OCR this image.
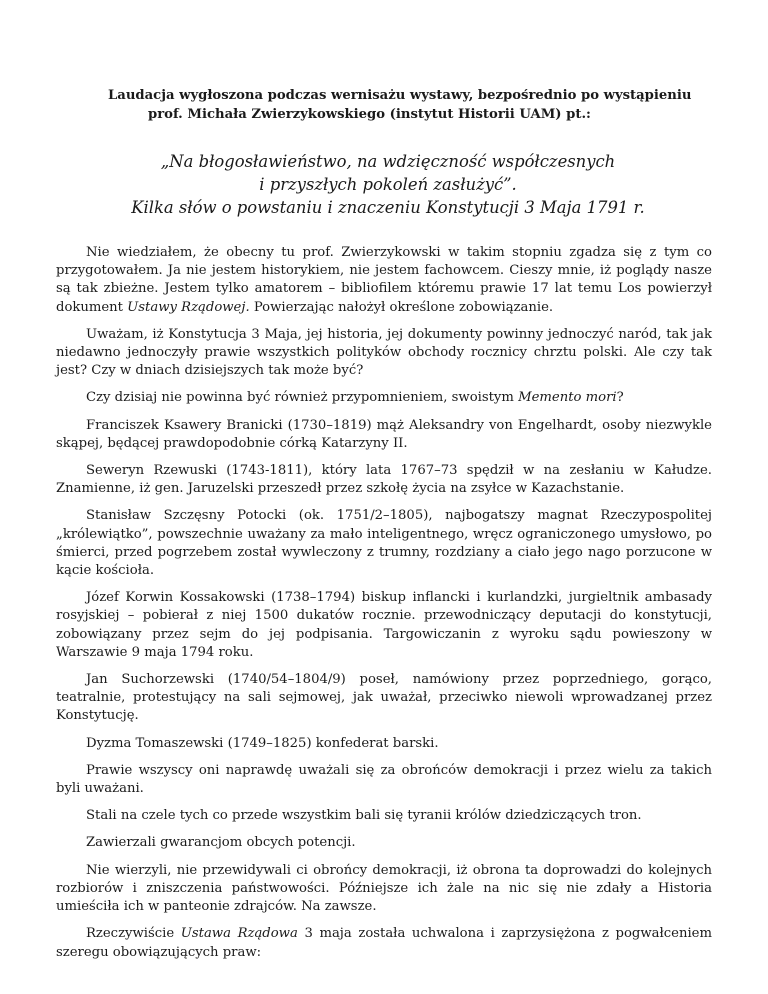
Laudacja wygłoszona podczas wernisażu wystawy, bezpośrednio po wystąpieniu
prof. Michała Zwierzykowskiego (instytut Historii UAM) pt.:
„Na błogosławieństwo, na wdzięczność współczesnych
i przyszłych pokoleń zasłużyć”.
Kilka słów o powstaniu i znaczeniu Konstytucji 3 Maja 1791 r.

Nie wiedziałem, że obecny tu prof. Zwierzykowski w takim stopniu zgadza się z tym co przygotowałem. Ja nie jestem historykiem, nie jestem fachowcem. Cieszy mnie, iż poglądy nasze są tak zbieżne. Jestem tylko amatorem – bibliofilem któremu prawie 17 lat temu Los powierzył dokument Ustawy Rządowej. Powierzając nałożył określone zobowiązanie.

Uważam, iż Konstytucja 3 Maja, jej historia, jej dokumenty powinny jednoczyć naród, tak jak niedawno jednoczyły prawie wszystkich polityków obchody rocznicy chrztu polski. Ale czy tak jest? Czy w dniach dzisiejszych tak może być?

Czy dzisiaj nie powinna być również przypomnieniem, swoistym Memento mori?

Franciszek Ksawery Branicki (1730–1819) mąż Aleksandry von Engelhardt, osoby niezwykle skąpej, będącej prawdopodobnie córką Katarzyny II.

Seweryn Rzewuski (1743-1811), który lata 1767–73 spędził w na zesłaniu w Kałudze. Znamienne, iż gen. Jaruzelski przeszedł przez szkołę życia na zsyłce w Kazachstanie.

Stanisław Szczęsny Potocki (ok. 1751/2–1805), najbogatszy magnat Rzeczypospolitej „królewiątko”, powszechnie uważany za mało inteligentnego, wręcz ograniczonego umysłowo, po śmierci, przed pogrzebem został wywleczony z trumny, rozdziany a ciało jego nago porzucone w kącie kościoła.

Józef Korwin Kossakowski (1738–1794) biskup inflancki i kurlandzki, jurgieltnik ambasady rosyjskiej – pobierał z niej 1500 dukatów rocznie. przewodniczący deputacji do konstytucji, zobowiązany przez sejm do jej podpisania. Targowiczanin z wyroku sądu powieszony w Warszawie 9 maja 1794 roku.

Jan Suchorzewski (1740/54–1804/9) poseł, namówiony przez poprzedniego, gorąco, teatralnie, protestujący na sali sejmowej, jak uważał, przeciwko niewoli wprowadzanej przez Konstytucję.

Dyzma Tomaszewski (1749–1825) konfederat barski.

Prawie wszyscy oni naprawdę uważali się za obrońców demokracji i przez wielu za takich byli uważani.

Stali na czele tych co przede wszystkim bali się tyranii królów dziedziczących tron.

Zawierzali gwarancjom obcych potencji.

Nie wierzyli, nie przewidywali ci obrońcy demokracji, iż obrona ta doprowadzi do kolejnych rozbiorów i zniszczenia państwowości. Późniejsze ich żale na nic się nie zdały a Historia umieściła ich w panteonie zdrajców. Na zawsze.

Rzeczywiście Ustawa Rządowa 3 maja została uchwalona i zaprzysiężona z pogwałceniem szeregu obowiązujących praw:
